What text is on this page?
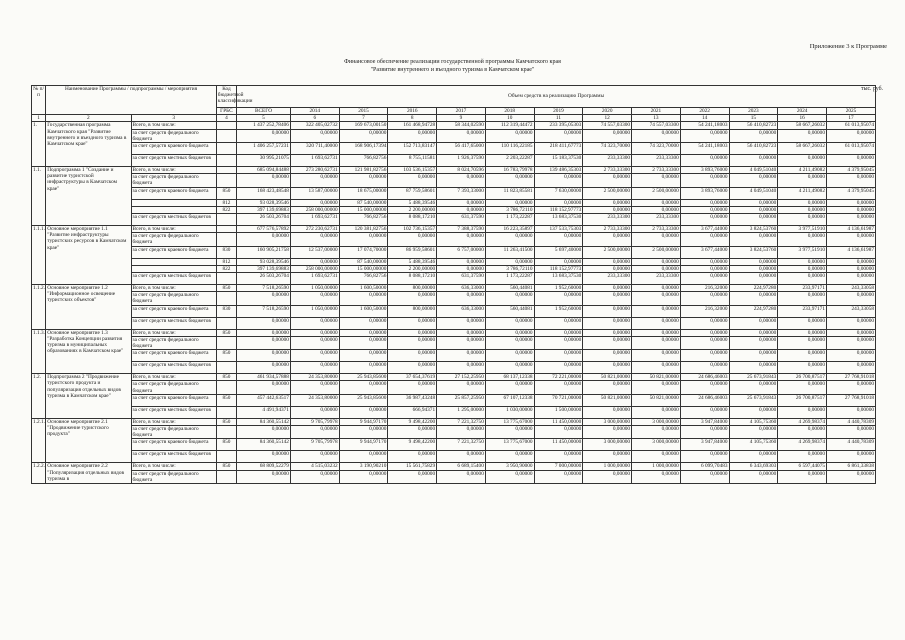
Приложение 3 к Программе
Финансовое обеспечение реализации государственной программы Камчатского края
"Развитие внутреннего и въездного туризма в Камчатском крае"
тыс. руб.
№ п/п	Наименование Программы / подпрограммы / мероприятия		Код бюджетной классификации	Объем средств на реализацию Программы												
			ГРБС	ВСЕГО	2014	2015	2016	2017	2018	2019	2020	2021	2022	2023	2024	2025
1	2	3	4	5	6	7	8	9	10	11	12	13	14	15	16	17
1.	Государственная программа Камчатского края "Развитие внутреннего и въездного туризма в Камчатском крае"	Всего, в том числе:		1 437 252,78406	322 405,02732	169 673,00150	161 468,94728	58 344,02590	112 319,44472	233 395,05303	74 557,03300	74 557,03300	54 241,18003	56 410,82723	58 667,26032	61 013,95074
		за счет средств федерального бюджета		0,00000	0,00000	0,00000	0,00000	0,00000	0,00000	0,00000	0,00000	0,00000	0,00000	0,00000	0,00000	0,00000
		за счет средств краевого бюджета		1 406 257,57231	320 711,40000	168 906,17394	152 713,83147	56 417,65000	110 116,22185	218 411,67773	74 323,70000	74 323,70000	54 241,18003	56 410,82723	58 667,26032	61 013,95074
		за счет средств местных бюджетов		30 995,21075	1 693,62731	766,82756	8 755,11581	1 926,37590	2 203,22287	15 183,37530	233,33300	233,33300	0,00000	0,00000	0,00000	0,00000
1.1.	Подпрограмма 1 "Создание и развитие туристской инфраструктуры в Камчатском крае"	Всего, в том числе:		685 094,84488	273 280,62731	121 981,82756	103 536,15357	8 024,70596	16 783,79978	139 486,35303	2 733,33300	2 733,33300	3 893,76000	4 049,51040	4 211,49082	4 379,95045
		за счет средств федерального бюджета		0,00000	0,00000	0,00000	0,00000	0,00000	0,00000	0,00000	0,00000	0,00000	0,00000	0,00000	0,00000	0,00000
		за счет средств краевого бюджета	850	168 423,48548	13 587,00000	18 675,00000	87 759,58601	7 393,33000	11 823,85581	7 630,00000	2 500,00000	2 500,00000	3 893,76000	4 049,51040	4 211,49082	4 379,95045
			812	93 028,39546	0,00000	87 540,00000	5 488,39546	0,00000	0,00000	0,00000	0,00000	0,00000	0,00000	0,00000	0,00000	0,00000
			822	397 139,69883	258 000,00000	15 000,00000	2 200,00000	0,00000	3 786,72110	118 152,97773	0,00000	0,00000	0,00000	0,00000	0,00000	0,00000
		за счет средств местных бюджетов		26 503,26704	1 693,62731	766,82756	8 088,17210	631,37590	1 173,22287	13 683,37530	233,33300	233,33300	0,00000	0,00000	0,00000	0,00000
1.1.1.	Основное мероприятие 1.1 "Развитие инфраструктуры туристских ресурсов в Камчатском крае"	Всего, в том числе:		677 576,57892	272 230,62731	120 381,82756	102 736,15357	7 388,37590	16 223,35897	137 533,75303	2 733,33300	2 733,33300	3 677,44000	3 824,53760	3 977,51910	4 136,61987
		за счет средств федерального бюджета		0,00000	0,00000	0,00000	0,00000	0,00000	0,00000	0,00000	0,00000	0,00000	0,00000	0,00000	0,00000	0,00000
		за счет средств краевого бюджета	830	160 905,21758	12 537,00000	17 074,70000	86 959,58601	6 757,00000	11 263,41500	5 697,40000	2 500,00000	2 500,00000	3 677,44000	3 824,53760	3 977,51910	4 136,61987
			812	93 028,39546	0,00000	87 540,00000	5 488,39546	0,00000	0,00000	0,00000	0,00000	0,00000	0,00000	0,00000	0,00000	0,00000
			822	397 139,69883	258 000,00000	15 000,00000	2 200,00000	0,00000	3 786,72110	118 152,97773	0,00000	0,00000	0,00000	0,00000	0,00000	0,00000
		за счет средств местных бюджетов		26 503,26704	1 693,62731	766,82756	8 088,17210	631,37590	1 173,22287	13 683,37530	233,33300	233,33300	0,00000	0,00000	0,00000	0,00000
1.1.2.	Основное мероприятие 1.2 "Информационное освещение туристских объектов"	Всего, в том числе:	850	7 518,26590	1 050,00000	1 600,50000	800,00000	636,33000	560,44081	1 952,60000	0,00000	0,00000	216,32000	224,97280	233,97171	243,33058
		за счет средств федерального бюджета		0,00000	0,00000	0,00000	0,00000	0,00000	0,00000	0,00000	0,00000	0,00000	0,00000	0,00000	0,00000	0,00000
		за счет средств краевого бюджета	830	7 518,26590	1 050,00000	1 600,50000	800,00000	636,33000	560,44081	1 952,60000	0,00000	0,00000	216,32000	224,97280	233,97171	243,33058
		за счет средств местных бюджетов		0,00000	0,00000	0,00000	0,00000	0,00000	0,00000	0,00000	0,00000	0,00000	0,00000	0,00000	0,00000	0,00000
1.1.3.	Основное мероприятие 1.3 "Разработка Концепции развития туризма в муниципальных образованиях в Камчатском крае"	Всего, в том числе:	850	0,00000	0,00000	0,00000	0,00000	0,00000	0,00000	0,00000	0,00000	0,00000	0,00000	0,00000	0,00000	0,00000
		за счет средств федерального бюджета		0,00000	0,00000	0,00000	0,00000	0,00000	0,00000	0,00000	0,00000	0,00000	0,00000	0,00000	0,00000	0,00000
		за счет средств краевого бюджета	850	0,00000	0,00000	0,00000	0,00000	0,00000	0,00000	0,00000	0,00000	0,00000	0,00000	0,00000	0,00000	0,00000
		за счет средств местных бюджетов		0,00000	0,00000	0,00000	0,00000	0,00000	0,00000	0,00000	0,00000	0,00000	0,00000	0,00000	0,00000	0,00000
1.2.	Подпрограмма 2 "Продвижение туристского продукта и популяризация отдельных видов туризма в Камчатском крае"	Всего, в том числе:	850	461 934,57888	24 353,80000	25 943,85600	37 654,37619	27 152,25950	68 137,12338	72 221,00000	50 821,00000	50 821,00000	24 686,46003	25 673,91843	26 700,87517	27 768,91018
		за счет средств федерального бюджета		0,00000	0,00000	0,00000	0,00000	0,00000	0,00000	0,00000	0,00000	0,00000	0,00000	0,00000	0,00000	0,00000
		за счет средств краевого бюджета	850	457 442,63517	24 353,80000	25 943,85600	36 987,43248	25 857,25950	67 107,12338	70 721,00000	50 821,00000	50 821,00000	24 686,46003	25 673,91843	26 700,87517	27 768,91018
		за счет средств местных бюджетов		4 491,94371	0,00000	0,00000	666,94371	1 295,00000	1 030,00000	1 500,00000	0,00000	0,00000	0,00000	0,00000	0,00000	0,00000
1.2.1.	Основное мероприятие 2.1 "Продвижение туристского продукта"	Всего, в том числе:	850	84 360,55142	9 705,79978	9 944,97170	9 498,42200	7 221,32750	13 775,67000	11 450,00000	3 000,00000	3 000,00000	3 947,84000	4 105,75360	4 269,98374	4 440,78309
		за счет средств федерального бюджета		0,00000	0,00000	0,00000	0,00000	0,00000	0,00000	0,00000	0,00000	0,00000	0,00000	0,00000	0,00000	0,00000
		за счет средств краевого бюджета	850	84 360,55142	9 705,79978	9 944,97170	9 498,42200	7 221,32750	13 775,67000	11 450,00000	3 000,00000	3 000,00000	3 947,84000	4 105,75360	4 269,98374	4 440,78309
		за счет средств местных бюджетов		0,00000	0,00000	0,00000	0,00000	0,00000	0,00000	0,00000	0,00000	0,00000	0,00000	0,00000	0,00000	0,00000
1.2.2.	Основное мероприятие 2.2 "Популяризация отдельных видов туризма в	Всего, в том числе:	850	68 809,52279	4 515,03232	3 190,90210	15 561,75829	6 689,15400	3 950,90000	7 000,00000	1 000,00000	1 000,00000	6 099,70483	6 343,69303	6 597,44075	6 861,33838
		за счет средств федерального бюджета		0,00000	0,00000	0,00000	0,00000	0,00000	0,00000	0,00000	0,00000	0,00000	0,00000	0,00000	0,00000	0,00000
